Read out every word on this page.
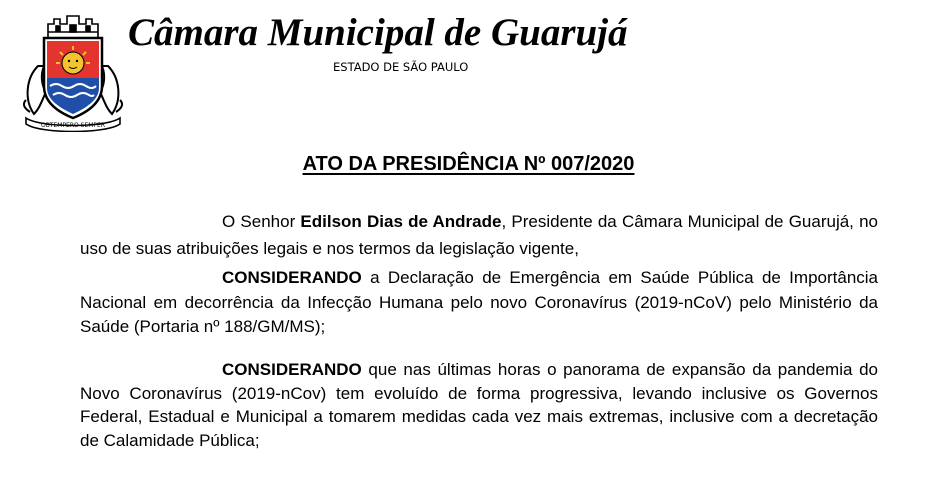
OBTEMPERO SEMPER
Câmara Municipal de Guarujá
ESTADO DE SÃO PAULO
ATO DA PRESIDÊNCIA Nº 007/2020

O Senhor Edilson Dias de Andrade, Presidente da Câmara Municipal de Guarujá, no uso de suas atribuições legais e nos termos da legislação vigente,

CONSIDERANDO a Declaração de Emergência em Saúde Pública de Importância Nacional em decorrência da Infecção Humana pelo novo Coronavírus (2019-nCoV) pelo Ministério da Saúde (Portaria nº 188/GM/MS);

CONSIDERANDO que nas últimas horas o panorama de expansão da pandemia do Novo Coronavírus (2019-nCov) tem evoluído de forma progressiva, levando inclusive os Governos Federal, Estadual e Municipal a tomarem medidas cada vez mais extremas, inclusive com a decretação de Calamidade Pública;
